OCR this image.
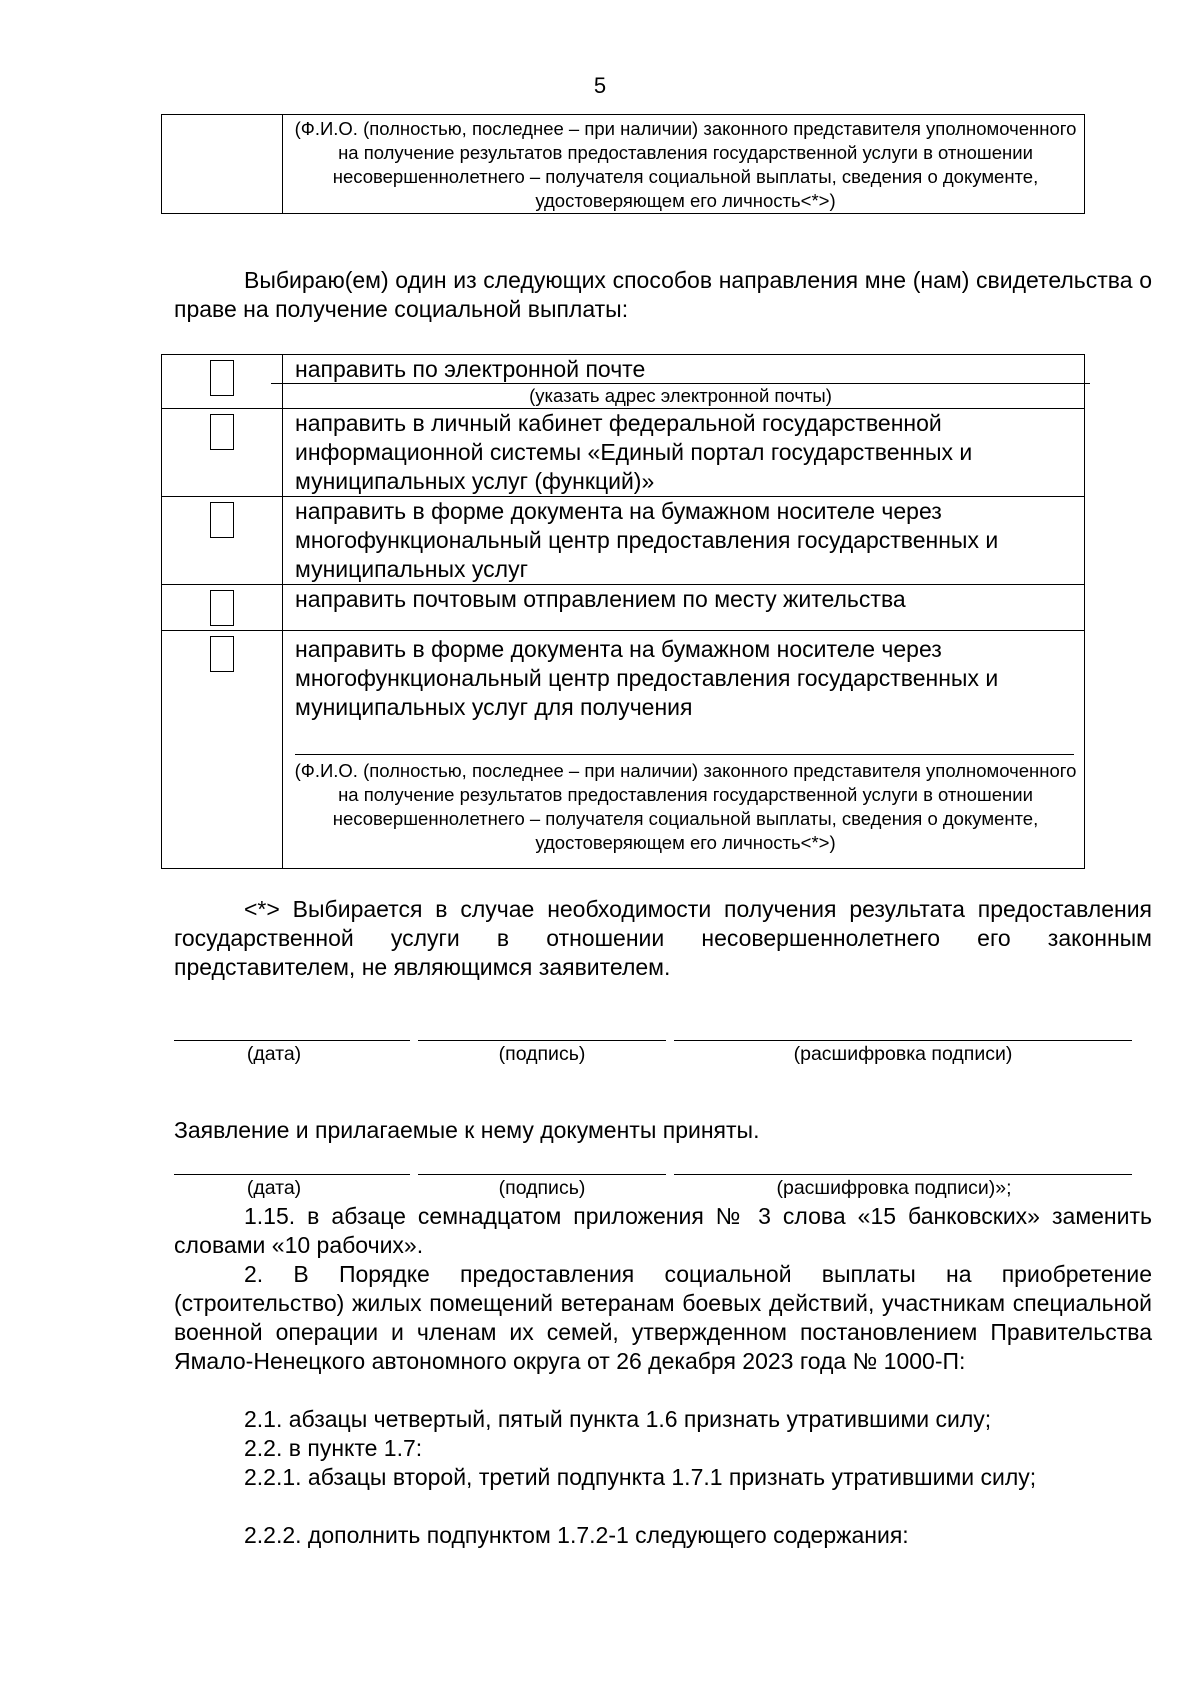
5

(Ф.И.О. (полностью, последнее – при наличии) законного представителя уполномоченного на получение результатов предоставления государственной услуги в отношении несовершеннолетнего – получателя социальной выплаты, сведения о документе, удостоверяющем его личность<*>)

Выбираю(ем) один из следующих способов направления мне (нам) свидетельства о праве на получение социальной выплаты:

	направить по электронной почте
(указать адрес электронной почты)

	направить в личный кабинет федеральной государственной информационной системы «Единый портал государственных и муниципальных услуг (функций)»

	направить в форме документа на бумажном носителе через многофункциональный центр предоставления государственных и муниципальных услуг

	направить почтовым отправлением по месту жительства

	направить в форме документа на бумажном носителе через многофункциональный центр предоставления государственных и муниципальных услуг для получения
(Ф.И.О. (полностью, последнее – при наличии) законного представителя уполномоченного на получение результатов предоставления государственной услуги в отношении несовершеннолетнего – получателя социальной выплаты, сведения о документе, удостоверяющем его личность<*>)

<*> Выбирается в случае необходимости получения результата предоставления государственной услуги в отношении несовершеннолетнего его законным представителем, не являющимся заявителем.

(дата)	(подпись)	(расшифровка подписи)

Заявление и прилагаемые к нему документы приняты.

(дата)	(подпись)	(расшифровка подписи)»;

1.15. в абзаце семнадцатом приложения № 3 слова «15 банковских» заменить словами «10 рабочих».

2. В Порядке предоставления социальной выплаты на приобретение (строительство) жилых помещений ветеранам боевых действий, участникам специальной военной операции и членам их семей, утвержденном постановлением Правительства Ямало-Ненецкого автономного округа от 26 декабря 2023 года № 1000-П:

2.1. абзацы четвертый, пятый пункта 1.6 признать утратившими силу;

2.2. в пункте 1.7:

2.2.1. абзацы второй, третий подпункта 1.7.1 признать утратившими силу;

2.2.2. дополнить подпунктом 1.7.2-1 следующего содержания:
